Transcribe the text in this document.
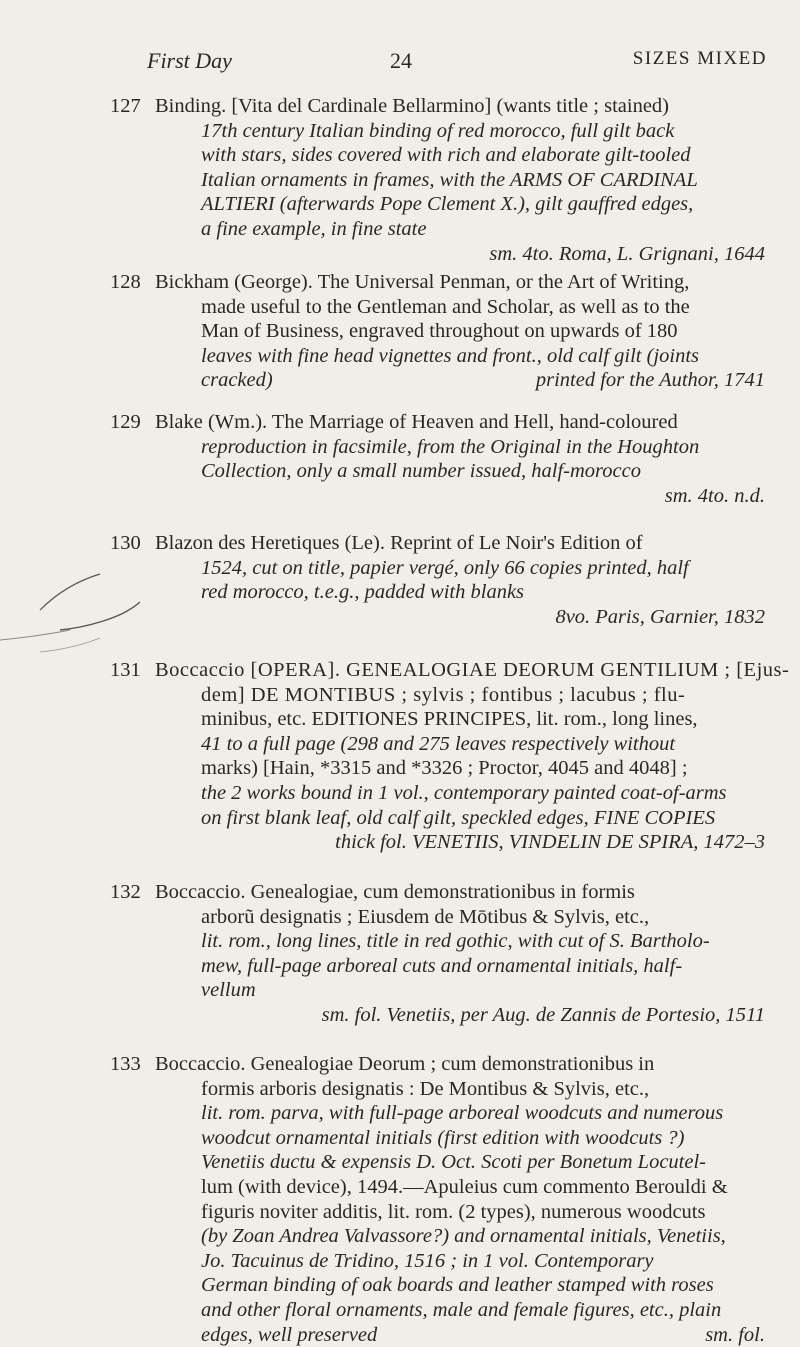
First Day	24	SIZES MIXED
127 Binding. [Vita del Cardinale Bellarmino] (wants title ; stained)
17th century Italian binding of red morocco, full gilt back
with stars, sides covered with rich and elaborate gilt-tooled
Italian ornaments in frames, with the ARMS OF CARDINAL
ALTIERI (afterwards Pope Clement X.), gilt gauffred edges,
a fine example, in fine state
sm. 4to. Roma, L. Grignani, 1644
128 Bickham (George). The Universal Penman, or the Art of Writing,
made useful to the Gentleman and Scholar, as well as to the
Man of Business, engraved throughout on upwards of 180
leaves with fine head vignettes and front., old calf gilt (joints
cracked)	printed for the Author, 1741
129 Blake (Wm.). The Marriage of Heaven and Hell, hand-coloured
reproduction in facsimile, from the Original in the Houghton
Collection, only a small number issued, half-morocco
sm. 4to. n.d.
130 Blazon des Heretiques (Le). Reprint of Le Noir's Edition of
1524, cut on title, papier vergé, only 66 copies printed, half
red morocco, t.e.g., padded with blanks
8vo. Paris, Garnier, 1832
131 Boccaccio [OPERA]. GENEALOGIAE DEORUM GENTILIUM ; [Ejus-
dem] DE MONTIBUS ; sylvis ; fontibus ; lacubus ; flu-
minibus, etc. EDITIONES PRINCIPES, lit. rom., long lines,
41 to a full page (298 and 275 leaves respectively without
marks) [Hain, *3315 and *3326 ; Proctor, 4045 and 4048] ;
the 2 works bound in 1 vol., contemporary painted coat-of-arms
on first blank leaf, old calf gilt, speckled edges, FINE COPIES
thick fol. VENETIIS, VINDELIN DE SPIRA, 1472–3
132 Boccaccio. Genealogiae, cum demonstrationibus in formis
arborũ designatis ; Eiusdem de Mōtibus & Sylvis, etc.,
lit. rom., long lines, title in red gothic, with cut of S. Bartholo-
mew, full-page arboreal cuts and ornamental initials, half-
vellum
sm. fol. Venetiis, per Aug. de Zannis de Portesio, 1511
133 Boccaccio. Genealogiae Deorum ; cum demonstrationibus in
formis arboris designatis : De Montibus & Sylvis, etc.,
lit. rom. parva, with full-page arboreal woodcuts and numerous
woodcut ornamental initials (first edition with woodcuts ?)
Venetiis ductu & expensis D. Oct. Scoti per Bonetum Locutel-
lum (with device), 1494.—Apuleius cum commento Berouldi &
figuris noviter additis, lit. rom. (2 types), numerous woodcuts
(by Zoan Andrea Valvassore?) and ornamental initials, Venetiis,
Jo. Tacuinus de Tridino, 1516 ; in 1 vol. Contemporary
German binding of oak boards and leather stamped with roses
and other floral ornaments, male and female figures, etc., plain
edges, well preserved	sm. fol.
